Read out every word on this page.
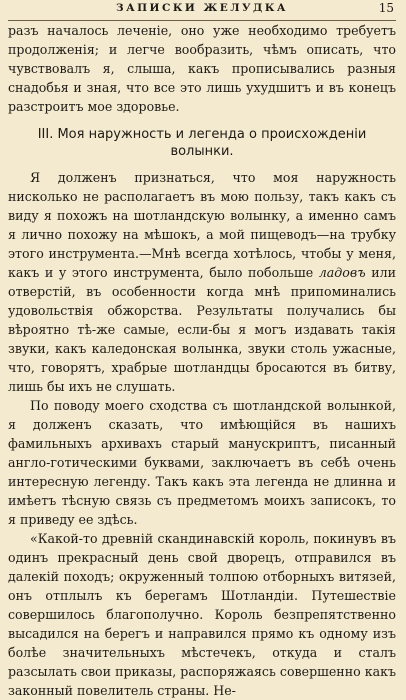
ЗАПИСКИ ЖЕЛУДКА	15

разъ началось леченіе, оно уже необходимо требуетъ продолженія; и легче вообразить, чѣмъ описать, что чувствовалъ я, слыша, какъ прописывались разныя снадобья и зная, что все это лишь ухудшитъ и въ конецъ разстроитъ мое здоровье.

III. Моя наружность и легенда о происхожденіи волынки.

Я долженъ признаться, что моя наружность нисколько не располагаетъ въ мою пользу, такъ какъ съ виду я похожъ на шотландскую волынку, а именно самъ я лично похожу на мѣшокъ, а мой пищеводъ—на трубку этого инструмента.—Мнѣ всегда хотѣлось, чтобы у меня, какъ и у этого инструмента, было побольше ладовъ или отверстій, въ особенности когда мнѣ припоминались удовольствія обжорства. Результаты получались бы вѣроятно тѣ-же самые, если-бы я могъ издавать такія звуки, какъ каледонская волынка, звуки столь ужасные, что, говорятъ, храбрые шотландцы бросаются въ битву, лишь бы ихъ не слушать.

По поводу моего сходства съ шотландской волынкой, я долженъ сказать, что имѣющійся въ нашихъ фамильныхъ архивахъ старый манускриптъ, писанный англо-готическими буквами, заключаетъ въ себѣ очень интересную легенду. Такъ какъ эта легенда не длинна и имѣетъ тѣсную связь съ предметомъ моихъ записокъ, то я приведу ее здѣсь.

«Какой-то древній скандинавскій король, покинувъ въ одинъ прекрасный день свой дворецъ, отправился въ далекій походъ; окруженный толпою отборныхъ витязей, онъ отплылъ къ берегамъ Шотландіи. Путешествіе совершилось благополучно. Король безпрепятственно высадился на берегъ и направился прямо къ одному изъ болѣе значительныхъ мѣстечекъ, откуда и сталъ разсылать свои приказы, распоряжаясь совершенно какъ законный повелитель страны. Не-
